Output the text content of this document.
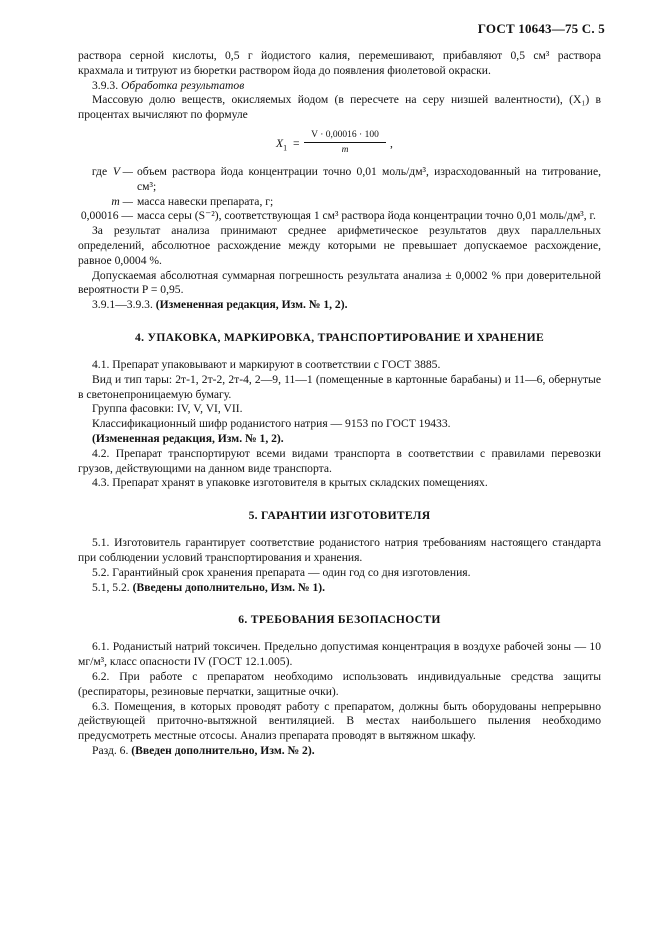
ГОСТ 10643—75 С. 5

раствора серной кислоты, 0,5 г йодистого калия, перемешивают, прибавляют 0,5 см³ раствора

крахмала и титруют из бюретки раствором йода до появления фиолетовой окраски.

3.9.3. Обработка результатов

Массовую долю веществ, окисляемых йодом (в пересчете на серу низшей валентности), (X₁) в процентах вычисляют по формуле

$X_1$ =
V · 0,00016 · 100
m	,
где V — объем раствора йода концентрации точно 0,01 моль/дм³, израсходованный на титрование, см³;
m — масса навески препарата, г;
0,00016 — масса серы (S⁻²), соответствующая 1 см³ раствора йода концентрации точно 0,01 моль/дм³, г.

За результат анализа принимают среднее арифметическое результатов двух параллельных определений, абсолютное расхождение между которыми не превышает допускаемое расхождение, равное 0,0004 %.

Допускаемая абсолютная суммарная погрешность результата анализа ± 0,0002 % при доверительной вероятности P = 0,95.

3.9.1—3.9.3. (Измененная редакция, Изм. № 1, 2).

4. УПАКОВКА, МАРКИРОВКА, ТРАНСПОРТИРОВАНИЕ И ХРАНЕНИЕ

4.1. Препарат упаковывают и маркируют в соответствии с ГОСТ 3885.

Вид и тип тары: 2т-1, 2т-2, 2т-4, 2—9, 11—1 (помещенные в картонные барабаны) и 11—6, обернутые в светонепроницаемую бумагу.

Группа фасовки: IV, V, VI, VII.

Классификационный шифр роданистого натрия — 9153 по ГОСТ 19433.

(Измененная редакция, Изм. № 1, 2).

4.2. Препарат транспортируют всеми видами транспорта в соответствии с правилами перевозки грузов, действующими на данном виде транспорта.

4.3. Препарат хранят в упаковке изготовителя в крытых складских помещениях.

5. ГАРАНТИИ ИЗГОТОВИТЕЛЯ

5.1. Изготовитель гарантирует соответствие роданистого натрия требованиям настоящего стандарта при соблюдении условий транспортирования и хранения.

5.2. Гарантийный срок хранения препарата — один год со дня изготовления.

5.1, 5.2. (Введены дополнительно, Изм. № 1).

6. ТРЕБОВАНИЯ БЕЗОПАСНОСТИ

6.1. Роданистый натрий токсичен. Предельно допустимая концентрация в воздухе рабочей зоны — 10 мг/м³, класс опасности IV (ГОСТ 12.1.005).

6.2. При работе с препаратом необходимо использовать индивидуальные средства защиты (респираторы, резиновые перчатки, защитные очки).

6.3. Помещения, в которых проводят работу с препаратом, должны быть оборудованы непрерывно действующей приточно-вытяжной вентиляцией. В местах наибольшего пыления необходимо предусмотреть местные отсосы. Анализ препарата проводят в вытяжном шкафу.

Разд. 6. (Введен дополнительно, Изм. № 2).
